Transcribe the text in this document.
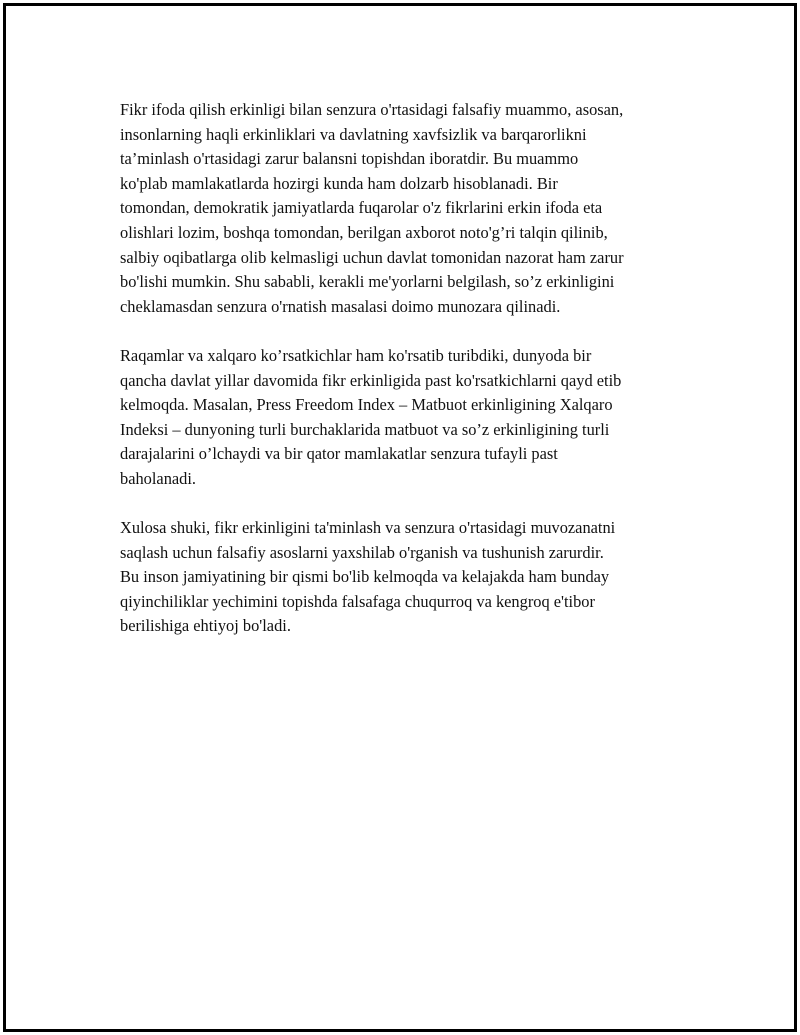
Fikr ifoda qilish erkinligi bilan senzura o'rtasidagi falsafiy muammo, asosan,
insonlarning haqli erkinliklari va davlatning xavfsizlik va barqarorlikni
ta’minlash o'rtasidagi zarur balansni topishdan iboratdir. Bu muammo
ko'plab mamlakatlarda hozirgi kunda ham dolzarb hisoblanadi. Bir
tomondan, demokratik jamiyatlarda fuqarolar o'z fikrlarini erkin ifoda eta
olishlari lozim, boshqa tomondan, berilgan axborot noto'g’ri talqin qilinib,
salbiy oqibatlarga olib kelmasligi uchun davlat tomonidan nazorat ham zarur
bo'lishi mumkin. Shu sababli, kerakli me'yorlarni belgilash, so’z erkinligini
cheklamasdan senzura o'rnatish masalasi doimo munozara qilinadi.

Raqamlar va xalqaro ko’rsatkichlar ham ko'rsatib turibdiki, dunyoda bir
qancha davlat yillar davomida fikr erkinligida past ko'rsatkichlarni qayd etib
kelmoqda. Masalan, Press Freedom Index – Matbuot erkinligining Xalqaro
Indeksi – dunyoning turli burchaklarida matbuot va so’z erkinligining turli
darajalarini o’lchaydi va bir qator mamlakatlar senzura tufayli past
baholanadi.

Xulosa shuki, fikr erkinligini ta'minlash va senzura o'rtasidagi muvozanatni
saqlash uchun falsafiy asoslarni yaxshilab o'rganish va tushunish zarurdir.
Bu inson jamiyatining bir qismi bo'lib kelmoqda va kelajakda ham bunday
qiyinchiliklar yechimini topishda falsafaga chuqurroq va kengroq e'tibor
berilishiga ehtiyoj bo'ladi.
